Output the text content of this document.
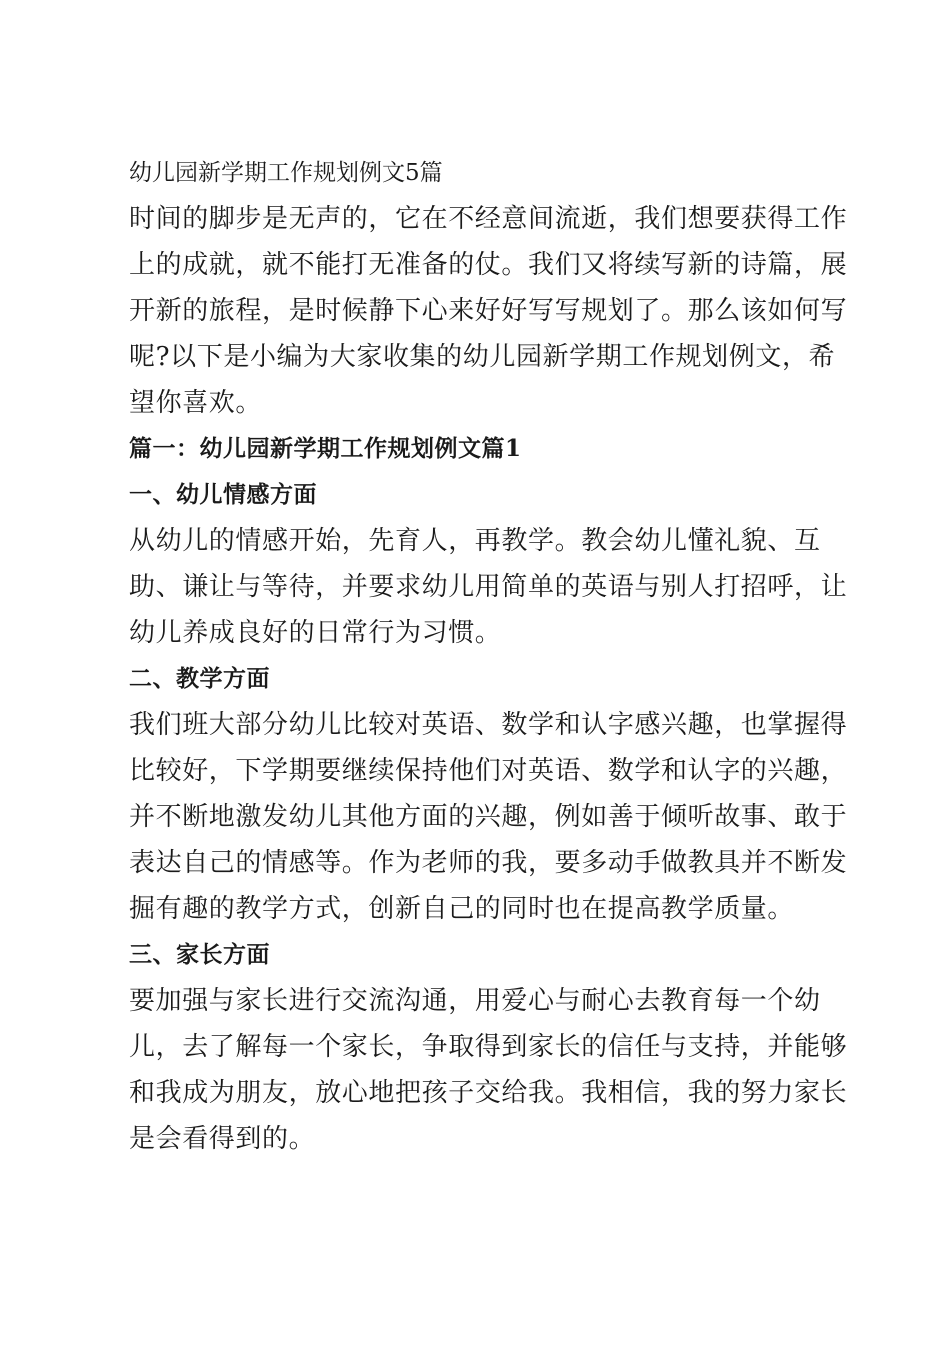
幼儿园新学期工作规划例文5篇

时间的脚步是无声的，它在不经意间流逝，我们想要获得工作
上的成就，就不能打无准备的仗。我们又将续写新的诗篇，展
开新的旅程，是时候静下心来好好写写规划了。那么该如何写
呢?以下是小编为大家收集的幼儿园新学期工作规划例文，希
望你喜欢。

篇一：幼儿园新学期工作规划例文篇1
一、幼儿情感方面

从幼儿的情感开始，先育人，再教学。教会幼儿懂礼貌、互
助、谦让与等待，并要求幼儿用简单的英语与别人打招呼，让
幼儿养成良好的日常行为习惯。

二、教学方面

我们班大部分幼儿比较对英语、数学和认字感兴趣，也掌握得
比较好，下学期要继续保持他们对英语、数学和认字的兴趣，
并不断地激发幼儿其他方面的兴趣，例如善于倾听故事、敢于
表达自己的情感等。作为老师的我，要多动手做教具并不断发
掘有趣的教学方式，创新自己的同时也在提高教学质量。

三、家长方面

要加强与家长进行交流沟通，用爱心与耐心去教育每一个幼
儿，去了解每一个家长，争取得到家长的信任与支持，并能够
和我成为朋友，放心地把孩子交给我。我相信，我的努力家长
是会看得到的。
